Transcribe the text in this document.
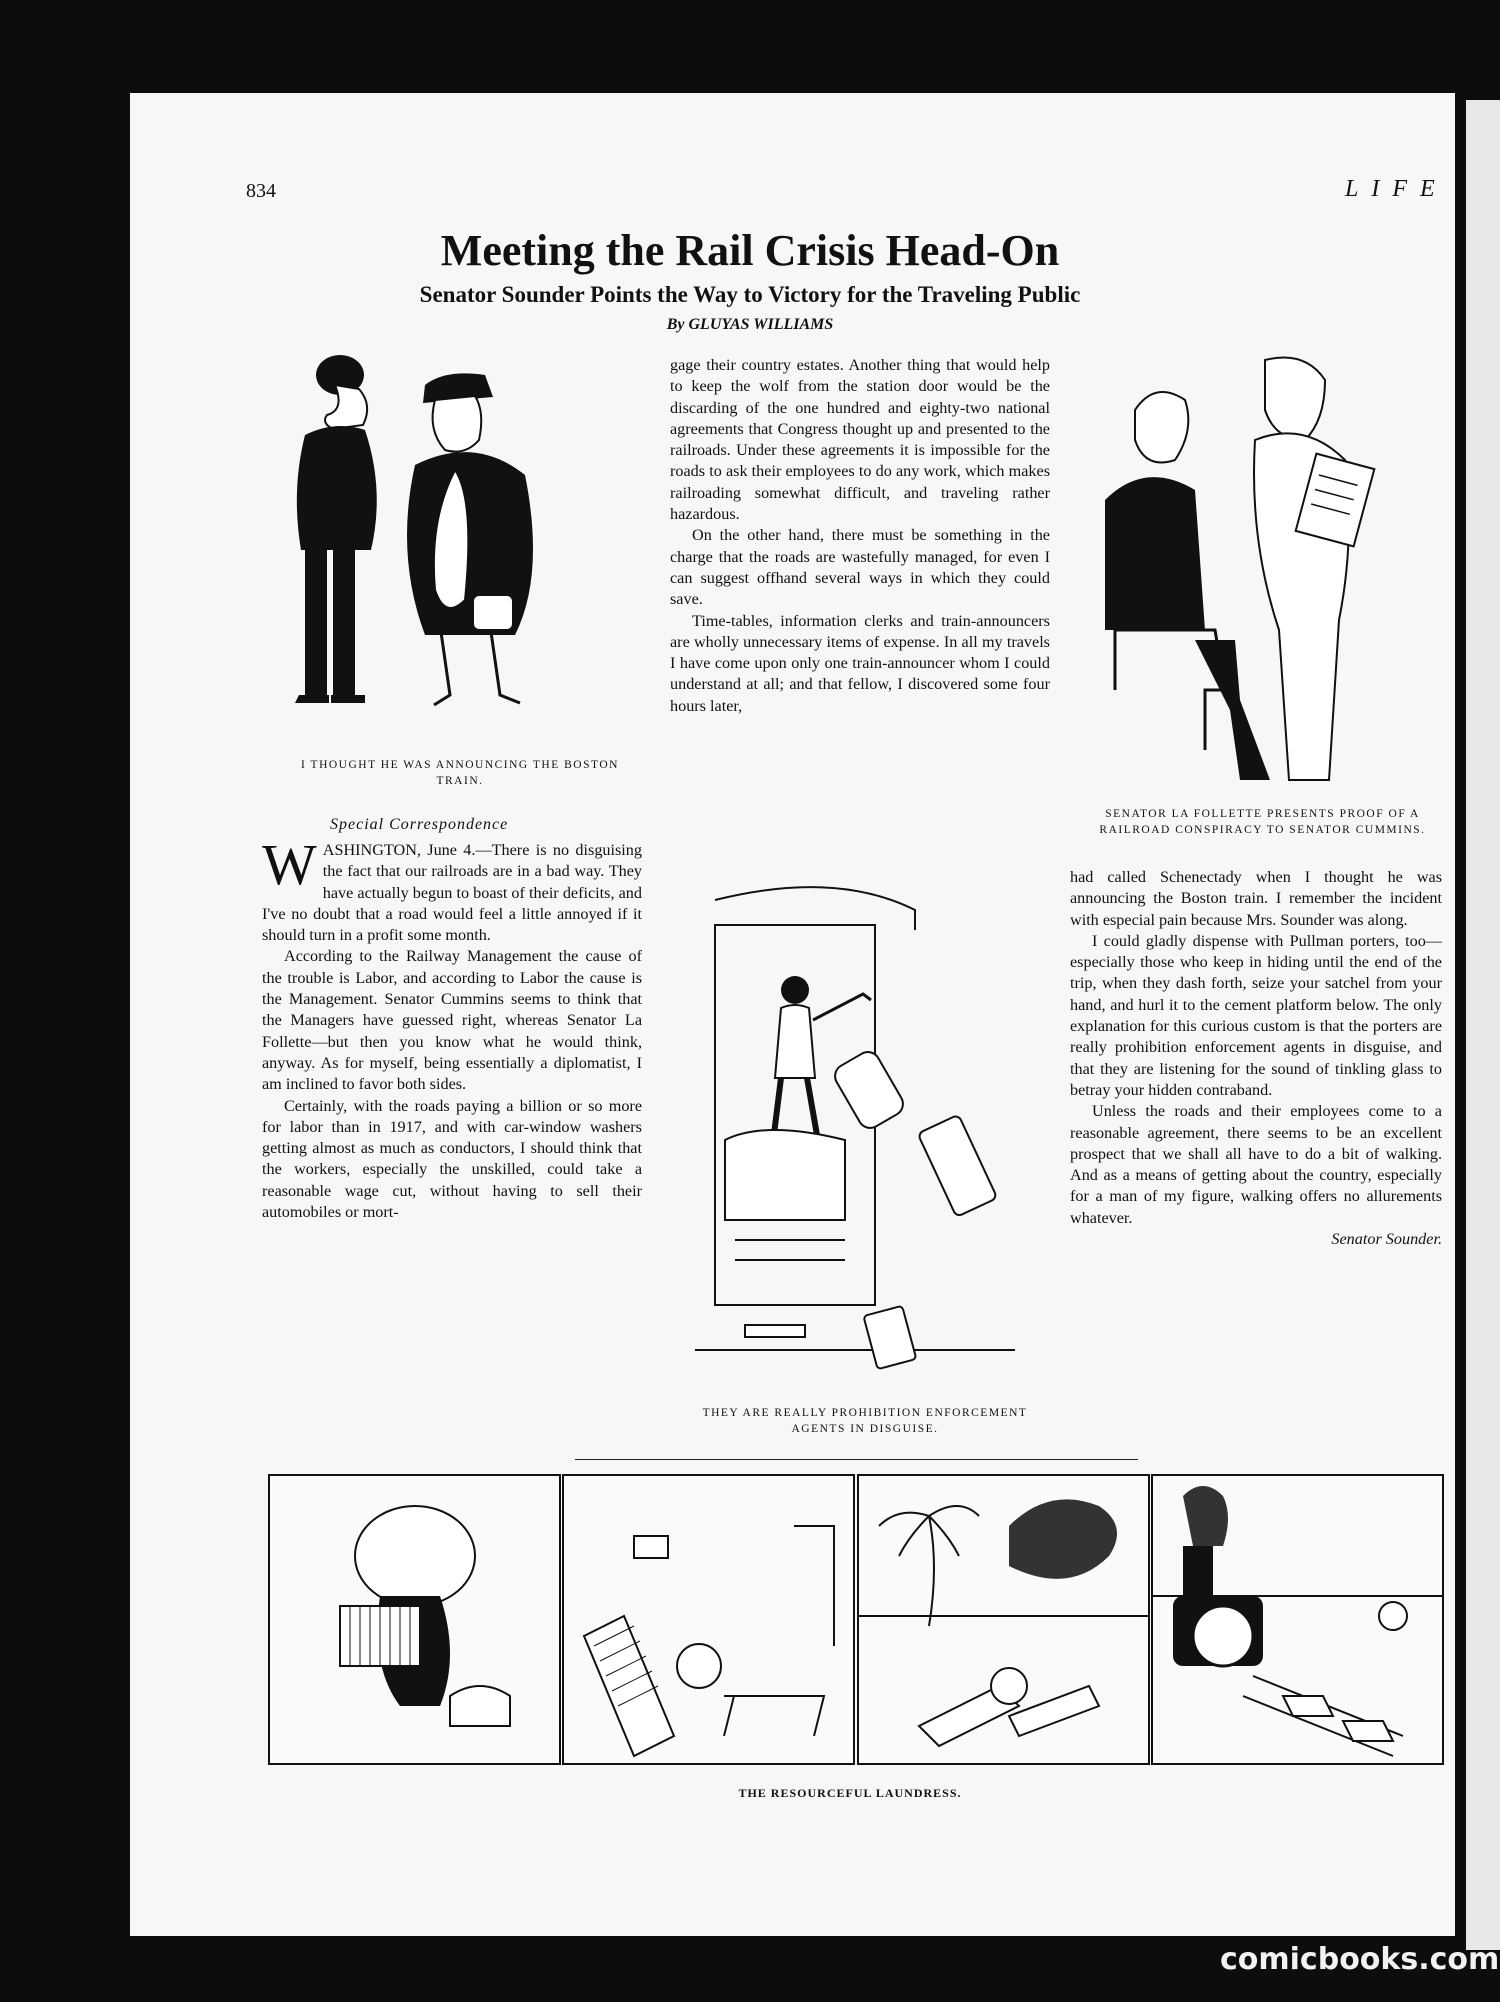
834	LIFE
Meeting the Rail Crisis Head-On
Senator Sounder Points the Way to Victory for the Traveling Public
By GLUYAS WILLIAMS
I THOUGHT HE WAS ANNOUNCING THE BOSTON TRAIN.
Special Correspondence
W ASHINGTON, June 4.—There is no disguising the fact that our railroads are in a bad way. They have actually begun to boast of their deficits, and I've no doubt that a road would feel a little annoyed if it should turn in a profit some month.

According to the Railway Management the cause of the trouble is Labor, and according to Labor the cause is the Management. Senator Cummins seems to think that the Managers have guessed right, whereas Senator La Follette—but then you know what he would think, anyway. As for myself, being essentially a diplomatist, I am inclined to favor both sides.

Certainly, with the roads paying a billion or so more for labor than in 1917, and with car-window washers getting almost as much as conductors, I should think that the workers, especially the unskilled, could take a reasonable wage cut, without having to sell their automobiles or mort-

gage their country estates. Another thing that would help to keep the wolf from the station door would be the discarding of the one hundred and eighty-two national agreements that Congress thought up and presented to the railroads. Under these agreements it is impossible for the roads to ask their employees to do any work, which makes railroading somewhat difficult, and traveling rather hazardous.

On the other hand, there must be something in the charge that the roads are wastefully managed, for even I can suggest offhand several ways in which they could save.

Time-tables, information clerks and train-announcers are wholly unnecessary items of expense. In all my travels I have come upon only one train-announcer whom I could understand at all; and that fellow, I discovered some four hours later,

THEY ARE REALLY PROHIBITION ENFORCEMENT AGENTS IN DISGUISE.
SENATOR LA FOLLETTE PRESENTS PROOF OF A RAILROAD CONSPIRACY TO SENATOR CUMMINS.

had called Schenectady when I thought he was announcing the Boston train. I remember the incident with especial pain because Mrs. Sounder was along.

I could gladly dispense with Pullman porters, too—especially those who keep in hiding until the end of the trip, when they dash forth, seize your satchel from your hand, and hurl it to the cement platform below. The only explanation for this curious custom is that the porters are really prohibition enforcement agents in disguise, and that they are listening for the sound of tinkling glass to betray your hidden contraband.

Unless the roads and their employees come to a reasonable agreement, there seems to be an excellent prospect that we shall all have to do a bit of walking. And as a means of getting about the country, especially for a man of my figure, walking offers no allurements whatever.

Senator Sounder.

THE RESOURCEFUL LAUNDRESS.
comicbooks.com
